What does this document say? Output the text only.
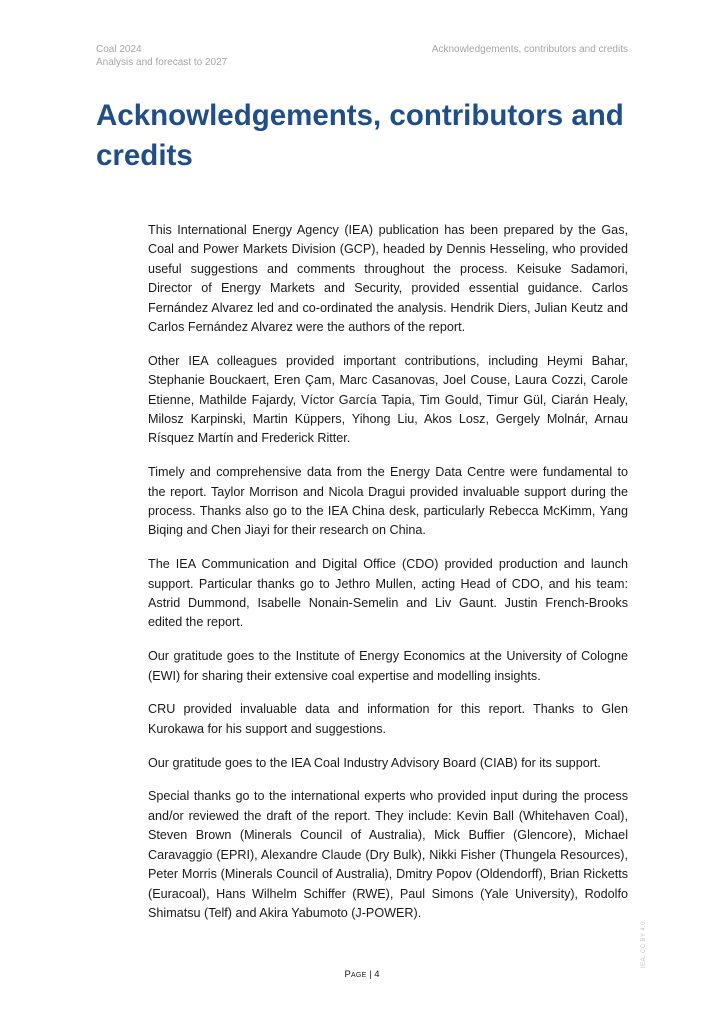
Coal 2024
Analysis and forecast to 2027
Acknowledgements, contributors and credits
Acknowledgements, contributors and credits

This International Energy Agency (IEA) publication has been prepared by the Gas, Coal and Power Markets Division (GCP), headed by Dennis Hesseling, who provided useful suggestions and comments throughout the process. Keisuke Sadamori, Director of Energy Markets and Security, provided essential guidance. Carlos Fernández Alvarez led and co-ordinated the analysis. Hendrik Diers, Julian Keutz and Carlos Fernández Alvarez were the authors of the report.

Other IEA colleagues provided important contributions, including Heymi Bahar, Stephanie Bouckaert, Eren Çam, Marc Casanovas, Joel Couse, Laura Cozzi, Carole Etienne, Mathilde Fajardy, Víctor García Tapia, Tim Gould, Timur Gül, Ciarán Healy, Milosz Karpinski, Martin Küppers, Yihong Liu, Akos Losz, Gergely Molnár, Arnau Rísquez Martín and Frederick Ritter.

Timely and comprehensive data from the Energy Data Centre were fundamental to the report. Taylor Morrison and Nicola Dragui provided invaluable support during the process. Thanks also go to the IEA China desk, particularly Rebecca McKimm, Yang Biqing and Chen Jiayi for their research on China.

The IEA Communication and Digital Office (CDO) provided production and launch support. Particular thanks go to Jethro Mullen, acting Head of CDO, and his team: Astrid Dummond, Isabelle Nonain-Semelin and Liv Gaunt. Justin French-Brooks edited the report.

Our gratitude goes to the Institute of Energy Economics at the University of Cologne (EWI) for sharing their extensive coal expertise and modelling insights.

CRU provided invaluable data and information for this report. Thanks to Glen Kurokawa for his support and suggestions.

Our gratitude goes to the IEA Coal Industry Advisory Board (CIAB) for its support.

Special thanks go to the international experts who provided input during the process and/or reviewed the draft of the report. They include: Kevin Ball (Whitehaven Coal), Steven Brown (Minerals Council of Australia), Mick Buffier (Glencore), Michael Caravaggio (EPRI), Alexandre Claude (Dry Bulk), Nikki Fisher (Thungela Resources), Peter Morris (Minerals Council of Australia), Dmitry Popov (Oldendorff), Brian Ricketts (Euracoal), Hans Wilhelm Schiffer (RWE), Paul Simons (Yale University), Rodolfo Shimatsu (Telf) and Akira Yabumoto (J-POWER).

IEA. CC BY 4.0.
Page | 4
